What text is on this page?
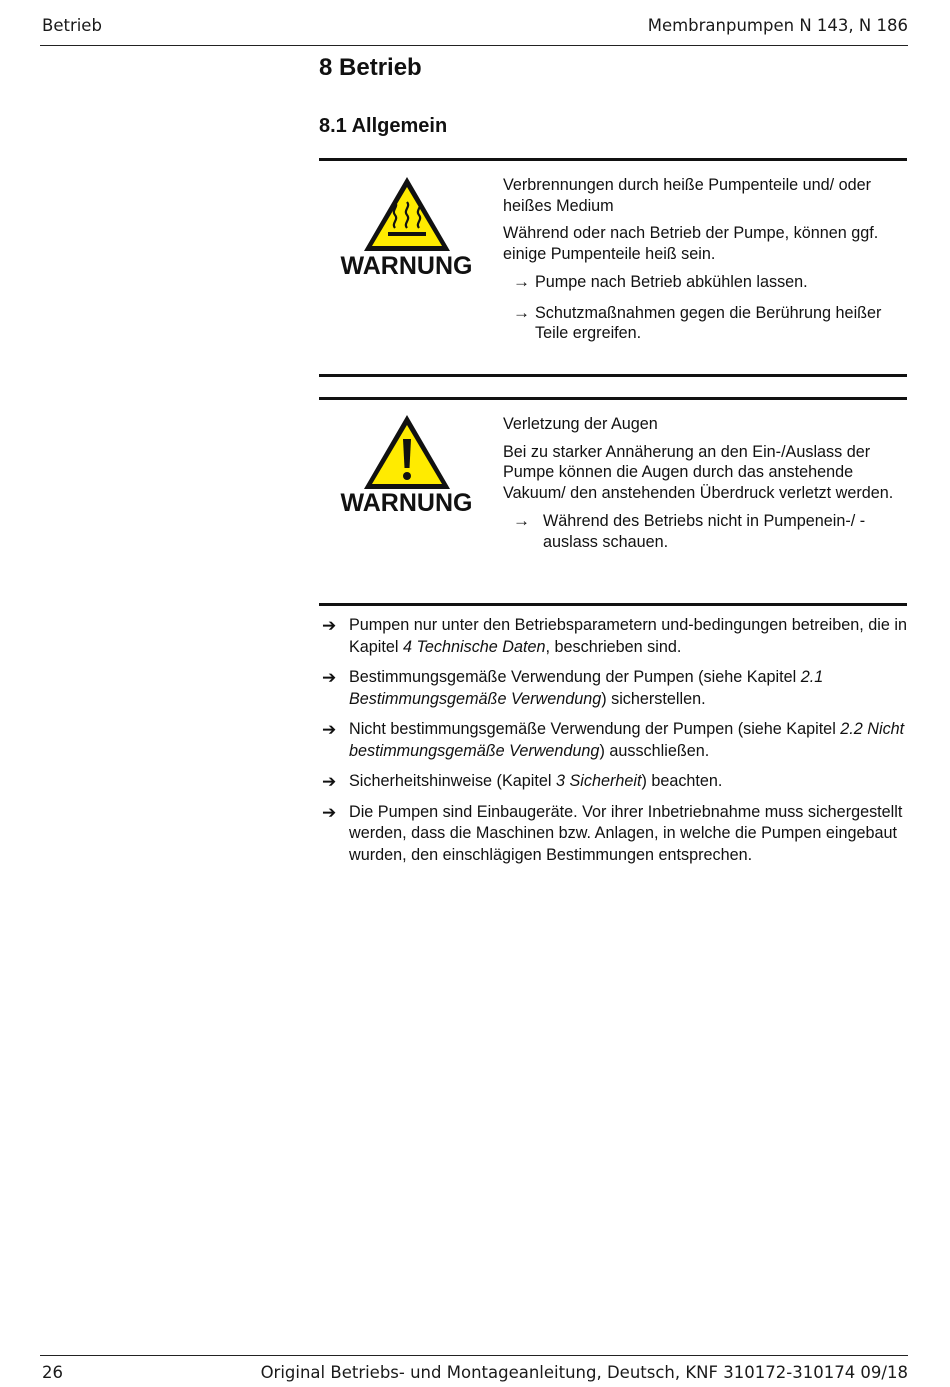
Betrieb	Membranpumpen N 143, N 186
8 Betrieb
8.1 Allgemein
WARNUNG

Verbrennungen durch heiße Pumpenteile und/ oder heißes Medium

Während oder nach Betrieb der Pumpe, können ggf. einige Pumpenteile heiß sein.

→ Pumpe nach Betrieb abkühlen lassen.
→ Schutzmaßnahmen gegen die Berührung heißer Teile ergreifen.
WARNUNG

Verletzung der Augen

Bei zu starker Annäherung an den Ein-/Auslass der Pumpe können die Augen durch das anstehende Vakuum/ den anstehenden Überdruck verletzt werden.

→ Während des Betriebs nicht in Pumpenein-/ -auslass schauen.
➔ Pumpen nur unter den Betriebsparametern und-bedingungen betreiben, die in Kapitel 4 Technische Daten, beschrieben sind.
➔ Bestimmungsgemäße Verwendung der Pumpen (siehe Kapitel 2.1 Bestimmungsgemäße Verwendung) sicherstellen.
➔ Nicht bestimmungsgemäße Verwendung der Pumpen (siehe Kapitel 2.2 Nicht bestimmungsgemäße Verwendung) ausschließen.
➔ Sicherheitshinweise (Kapitel 3 Sicherheit) beachten.
➔ Die Pumpen sind Einbaugeräte. Vor ihrer Inbetriebnahme muss sichergestellt werden, dass die Maschinen bzw. Anlagen, in welche die Pumpen eingebaut wurden, den einschlägigen Bestimmungen entsprechen.
26	Original Betriebs- und Montageanleitung, Deutsch, KNF 310172-310174 09/18
